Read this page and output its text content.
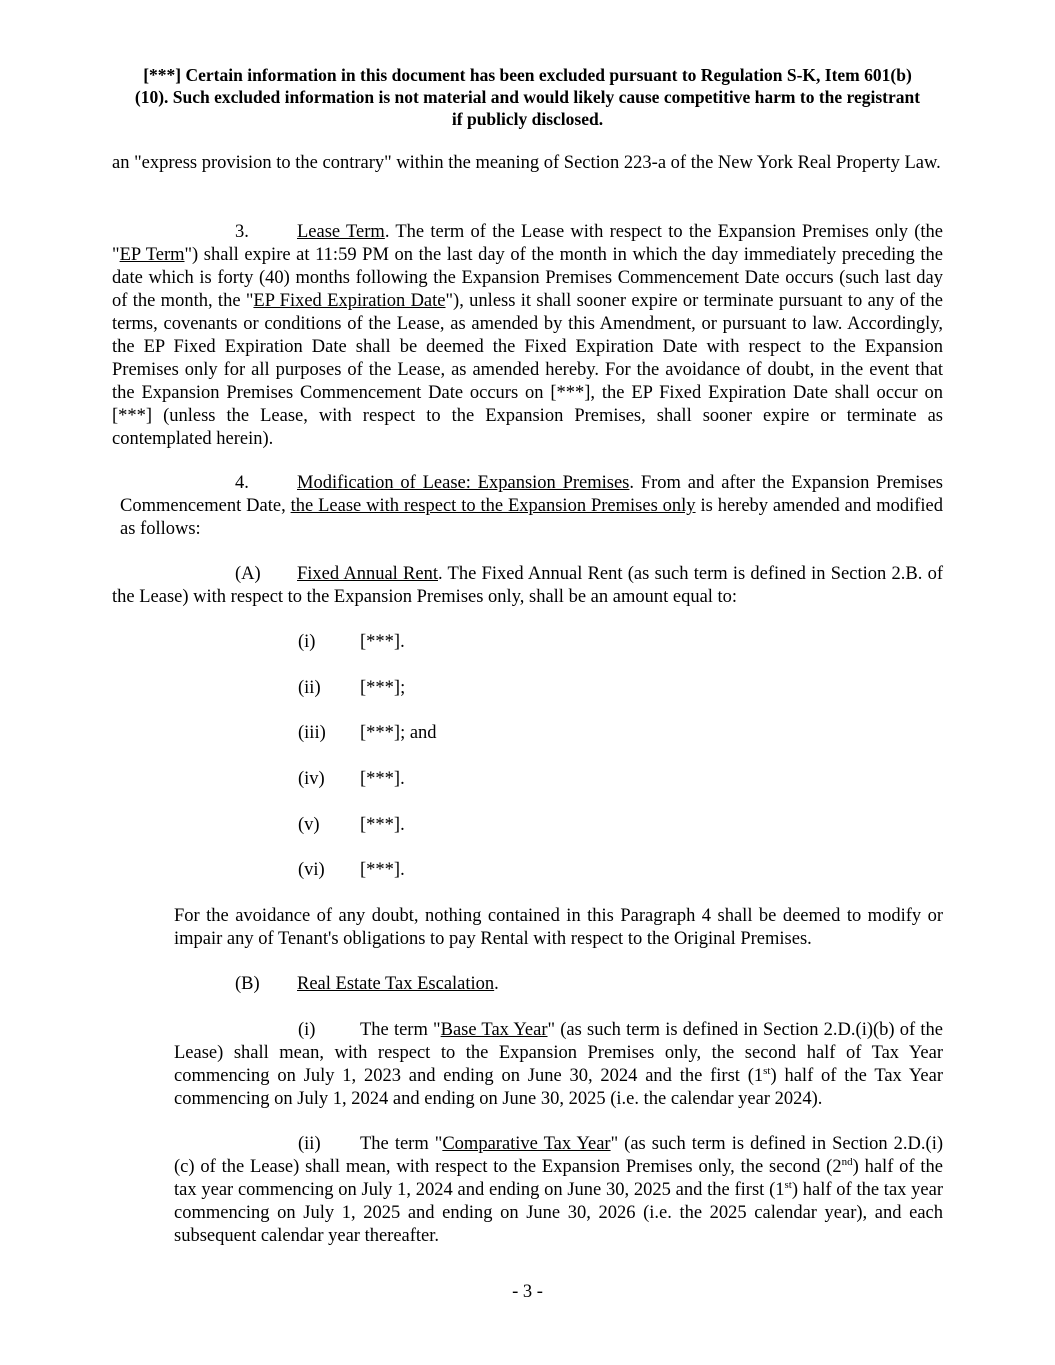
[***] Certain information in this document has been excluded pursuant to Regulation S-K, Item 601(b)(10). Such excluded information is not material and would likely cause competitive harm to the registrant if publicly disclosed.
an "express provision to the contrary" within the meaning of Section 223-a of the New York Real Property Law.
3.	Lease Term. The term of the Lease with respect to the Expansion Premises only (the "EP Term") shall expire at 11:59 PM on the last day of the month in which the day immediately preceding the date which is forty (40) months following the Expansion Premises Commencement Date occurs (such last day of the month, the "EP Fixed Expiration Date"), unless it shall sooner expire or terminate pursuant to any of the terms, covenants or conditions of the Lease, as amended by this Amendment, or pursuant to law. Accordingly, the EP Fixed Expiration Date shall be deemed the Fixed Expiration Date with respect to the Expansion Premises only for all purposes of the Lease, as amended hereby. For the avoidance of doubt, in the event that the Expansion Premises Commencement Date occurs on [***], the EP Fixed Expiration Date shall occur on [***] (unless the Lease, with respect to the Expansion Premises, shall sooner expire or terminate as contemplated herein).
4.	Modification of Lease: Expansion Premises. From and after the Expansion Premises Commencement Date, the Lease with respect to the Expansion Premises only is hereby amended and modified as follows:
(A) Fixed Annual Rent. The Fixed Annual Rent (as such term is defined in Section 2.B. of the Lease) with respect to the Expansion Premises only, shall be an amount equal to:
(i) [***].
(ii) [***];
(iii) [***]; and
(iv) [***].
(v) [***].
(vi) [***].
For the avoidance of any doubt, nothing contained in this Paragraph 4 shall be deemed to modify or impair any of Tenant's obligations to pay Rental with respect to the Original Premises.
(B) Real Estate Tax Escalation.
(i) The term "Base Tax Year" (as such term is defined in Section 2.D.(i)(b) of the Lease) shall mean, with respect to the Expansion Premises only, the second half of Tax Year commencing on July 1, 2023 and ending on June 30, 2024 and the first (1st) half of the Tax Year commencing on July 1, 2024 and ending on June 30, 2025 (i.e. the calendar year 2024).
(ii) The term "Comparative Tax Year" (as such term is defined in Section 2.D.(i)(c) of the Lease) shall mean, with respect to the Expansion Premises only, the second (2nd) half of the tax year commencing on July 1, 2024 and ending on June 30, 2025 and the first (1st) half of the tax year commencing on July 1, 2025 and ending on June 30, 2026 (i.e. the 2025 calendar year), and each subsequent calendar year thereafter.
- 3 -
